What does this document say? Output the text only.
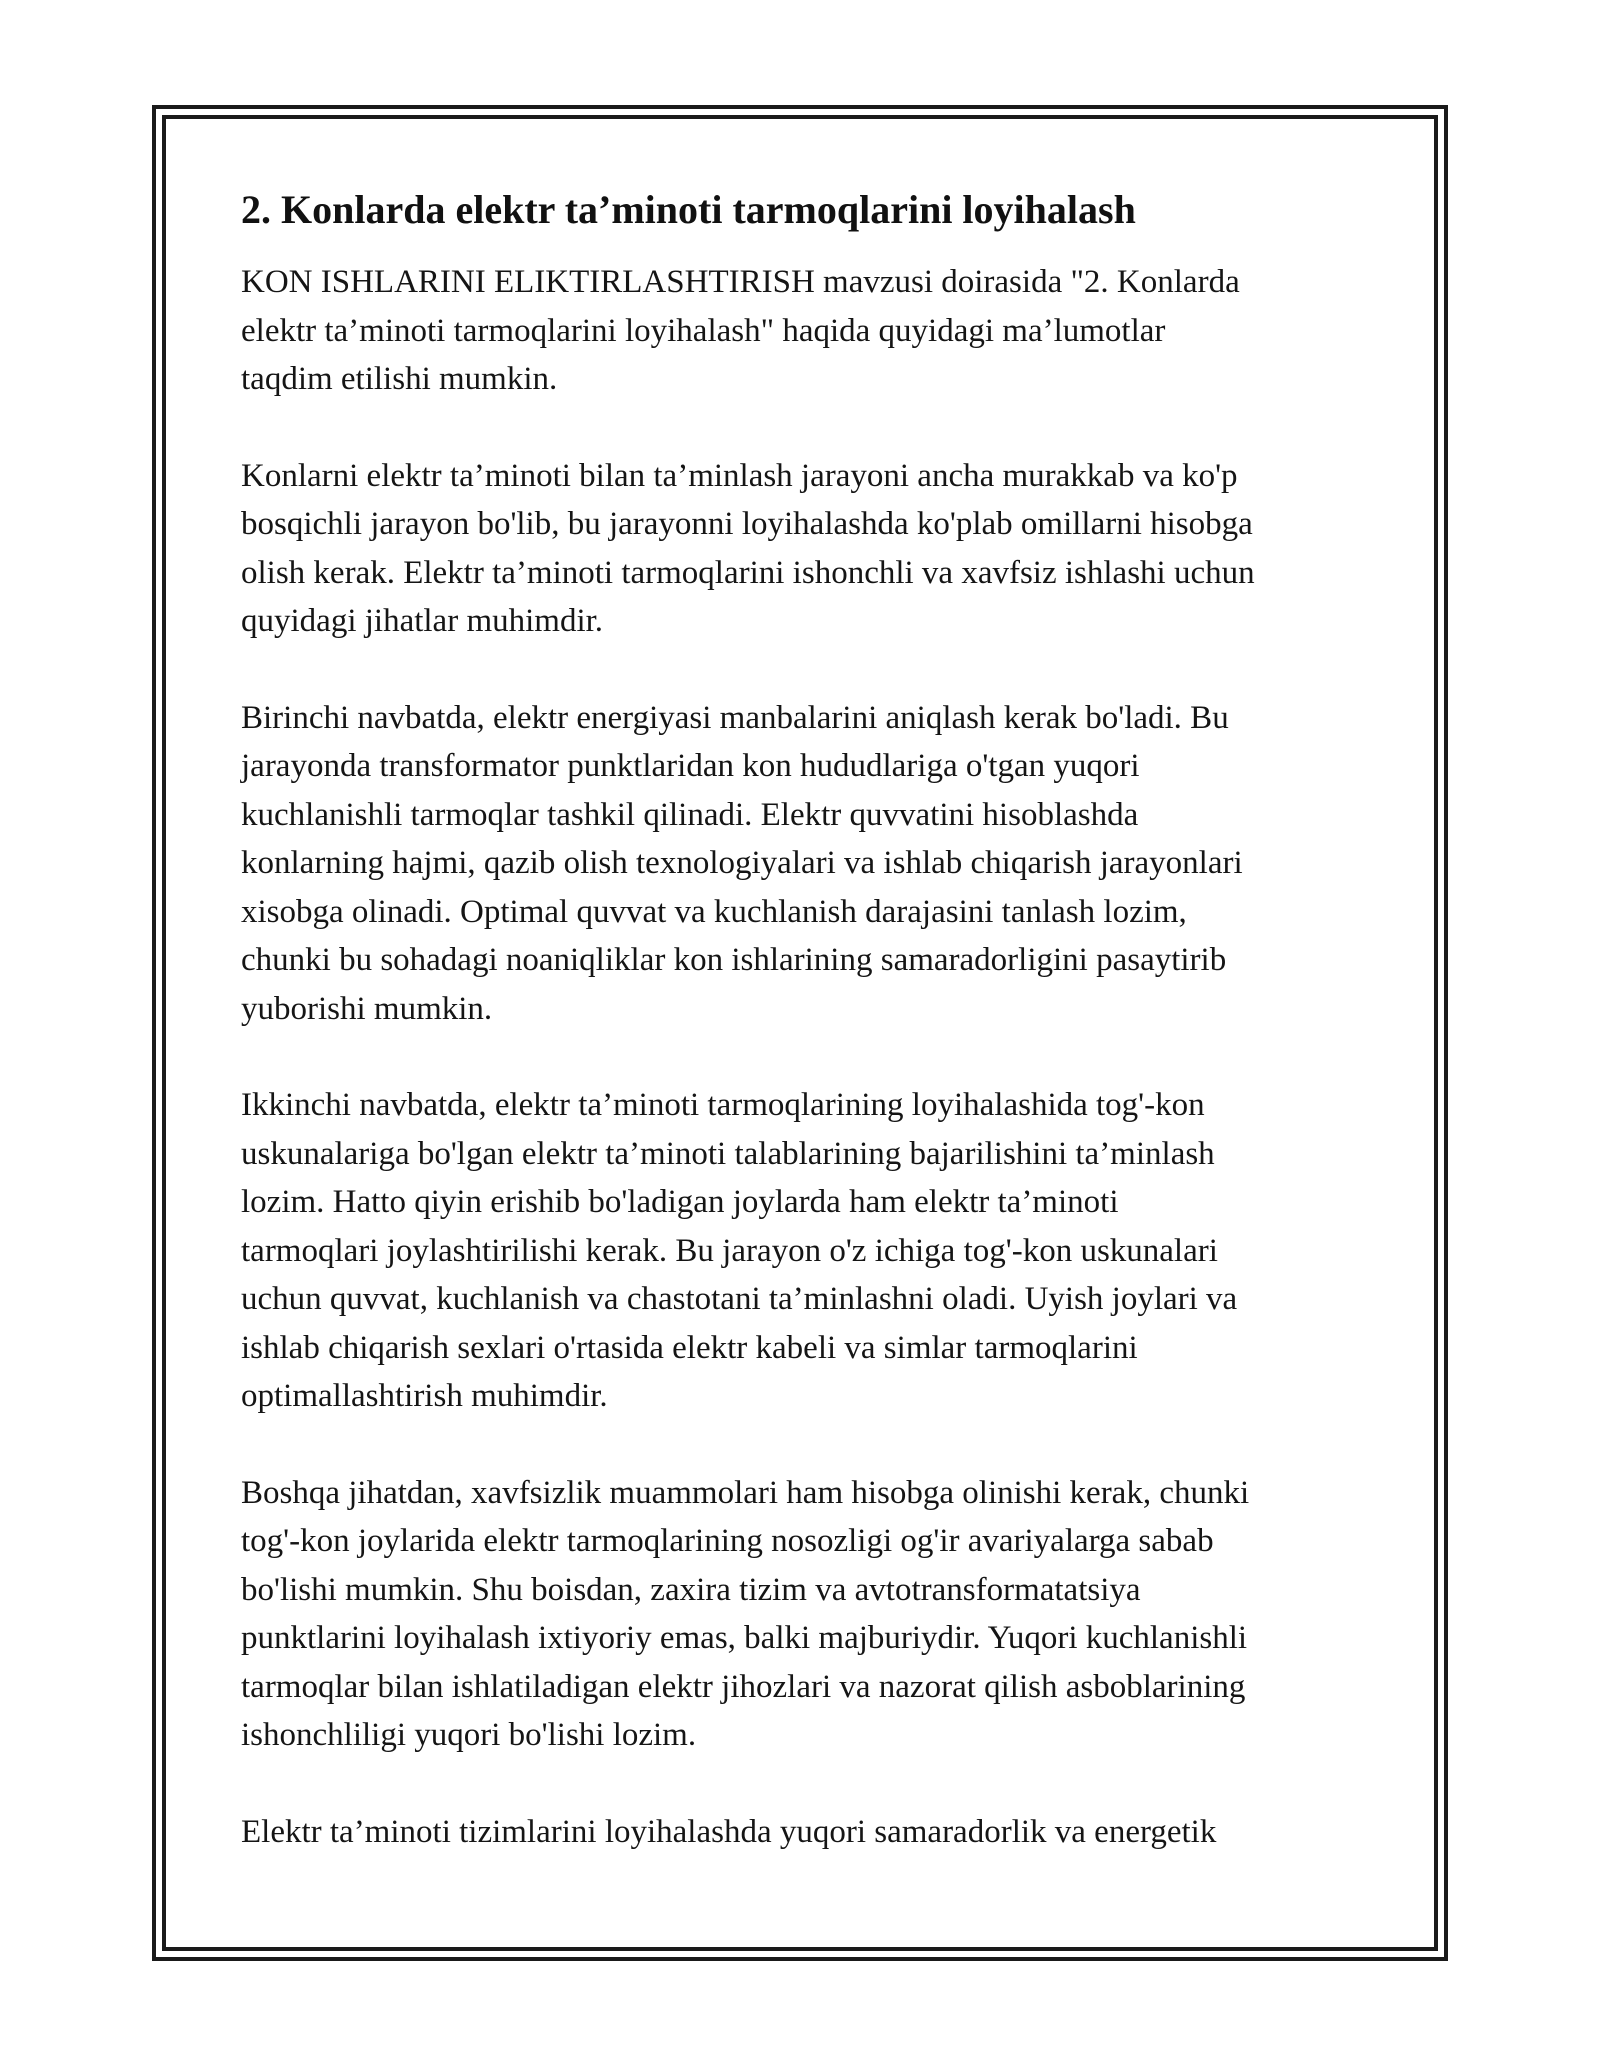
2. Konlarda elektr ta’minoti tarmoqlarini loyihalash

KON ISHLARINI ELIKTIRLASHTIRISH mavzusi doirasida "2. Konlarda
elektr ta’minoti tarmoqlarini loyihalash" haqida quyidagi ma’lumotlar
taqdim etilishi mumkin.

Konlarni elektr ta’minoti bilan ta’minlash jarayoni ancha murakkab va ko'p
bosqichli jarayon bo'lib, bu jarayonni loyihalashda ko'plab omillarni hisobga
olish kerak. Elektr ta’minoti tarmoqlarini ishonchli va xavfsiz ishlashi uchun
quyidagi jihatlar muhimdir.

Birinchi navbatda, elektr energiyasi manbalarini aniqlash kerak bo'ladi. Bu
jarayonda transformator punktlaridan kon hududlariga o'tgan yuqori
kuchlanishli tarmoqlar tashkil qilinadi. Elektr quvvatini hisoblashda
konlarning hajmi, qazib olish texnologiyalari va ishlab chiqarish jarayonlari
xisobga olinadi. Optimal quvvat va kuchlanish darajasini tanlash lozim,
chunki bu sohadagi noaniqliklar kon ishlarining samaradorligini pasaytirib
yuborishi mumkin.

Ikkinchi navbatda, elektr ta’minoti tarmoqlarining loyihalashida tog'-kon
uskunalariga bo'lgan elektr ta’minoti talablarining bajarilishini ta’minlash
lozim. Hatto qiyin erishib bo'ladigan joylarda ham elektr ta’minoti
tarmoqlari joylashtirilishi kerak. Bu jarayon o'z ichiga tog'-kon uskunalari
uchun quvvat, kuchlanish va chastotani ta’minlashni oladi. Uyish joylari va
ishlab chiqarish sexlari o'rtasida elektr kabeli va simlar tarmoqlarini
optimallashtirish muhimdir.

Boshqa jihatdan, xavfsizlik muammolari ham hisobga olinishi kerak, chunki
tog'-kon joylarida elektr tarmoqlarining nosozligi og'ir avariyalarga sabab
bo'lishi mumkin. Shu boisdan, zaxira tizim va avtotransformatatsiya
punktlarini loyihalash ixtiyoriy emas, balki majburiydir. Yuqori kuchlanishli
tarmoqlar bilan ishlatiladigan elektr jihozlari va nazorat qilish asboblarining
ishonchliligi yuqori bo'lishi lozim.

Elektr ta’minoti tizimlarini loyihalashda yuqori samaradorlik va energetik
